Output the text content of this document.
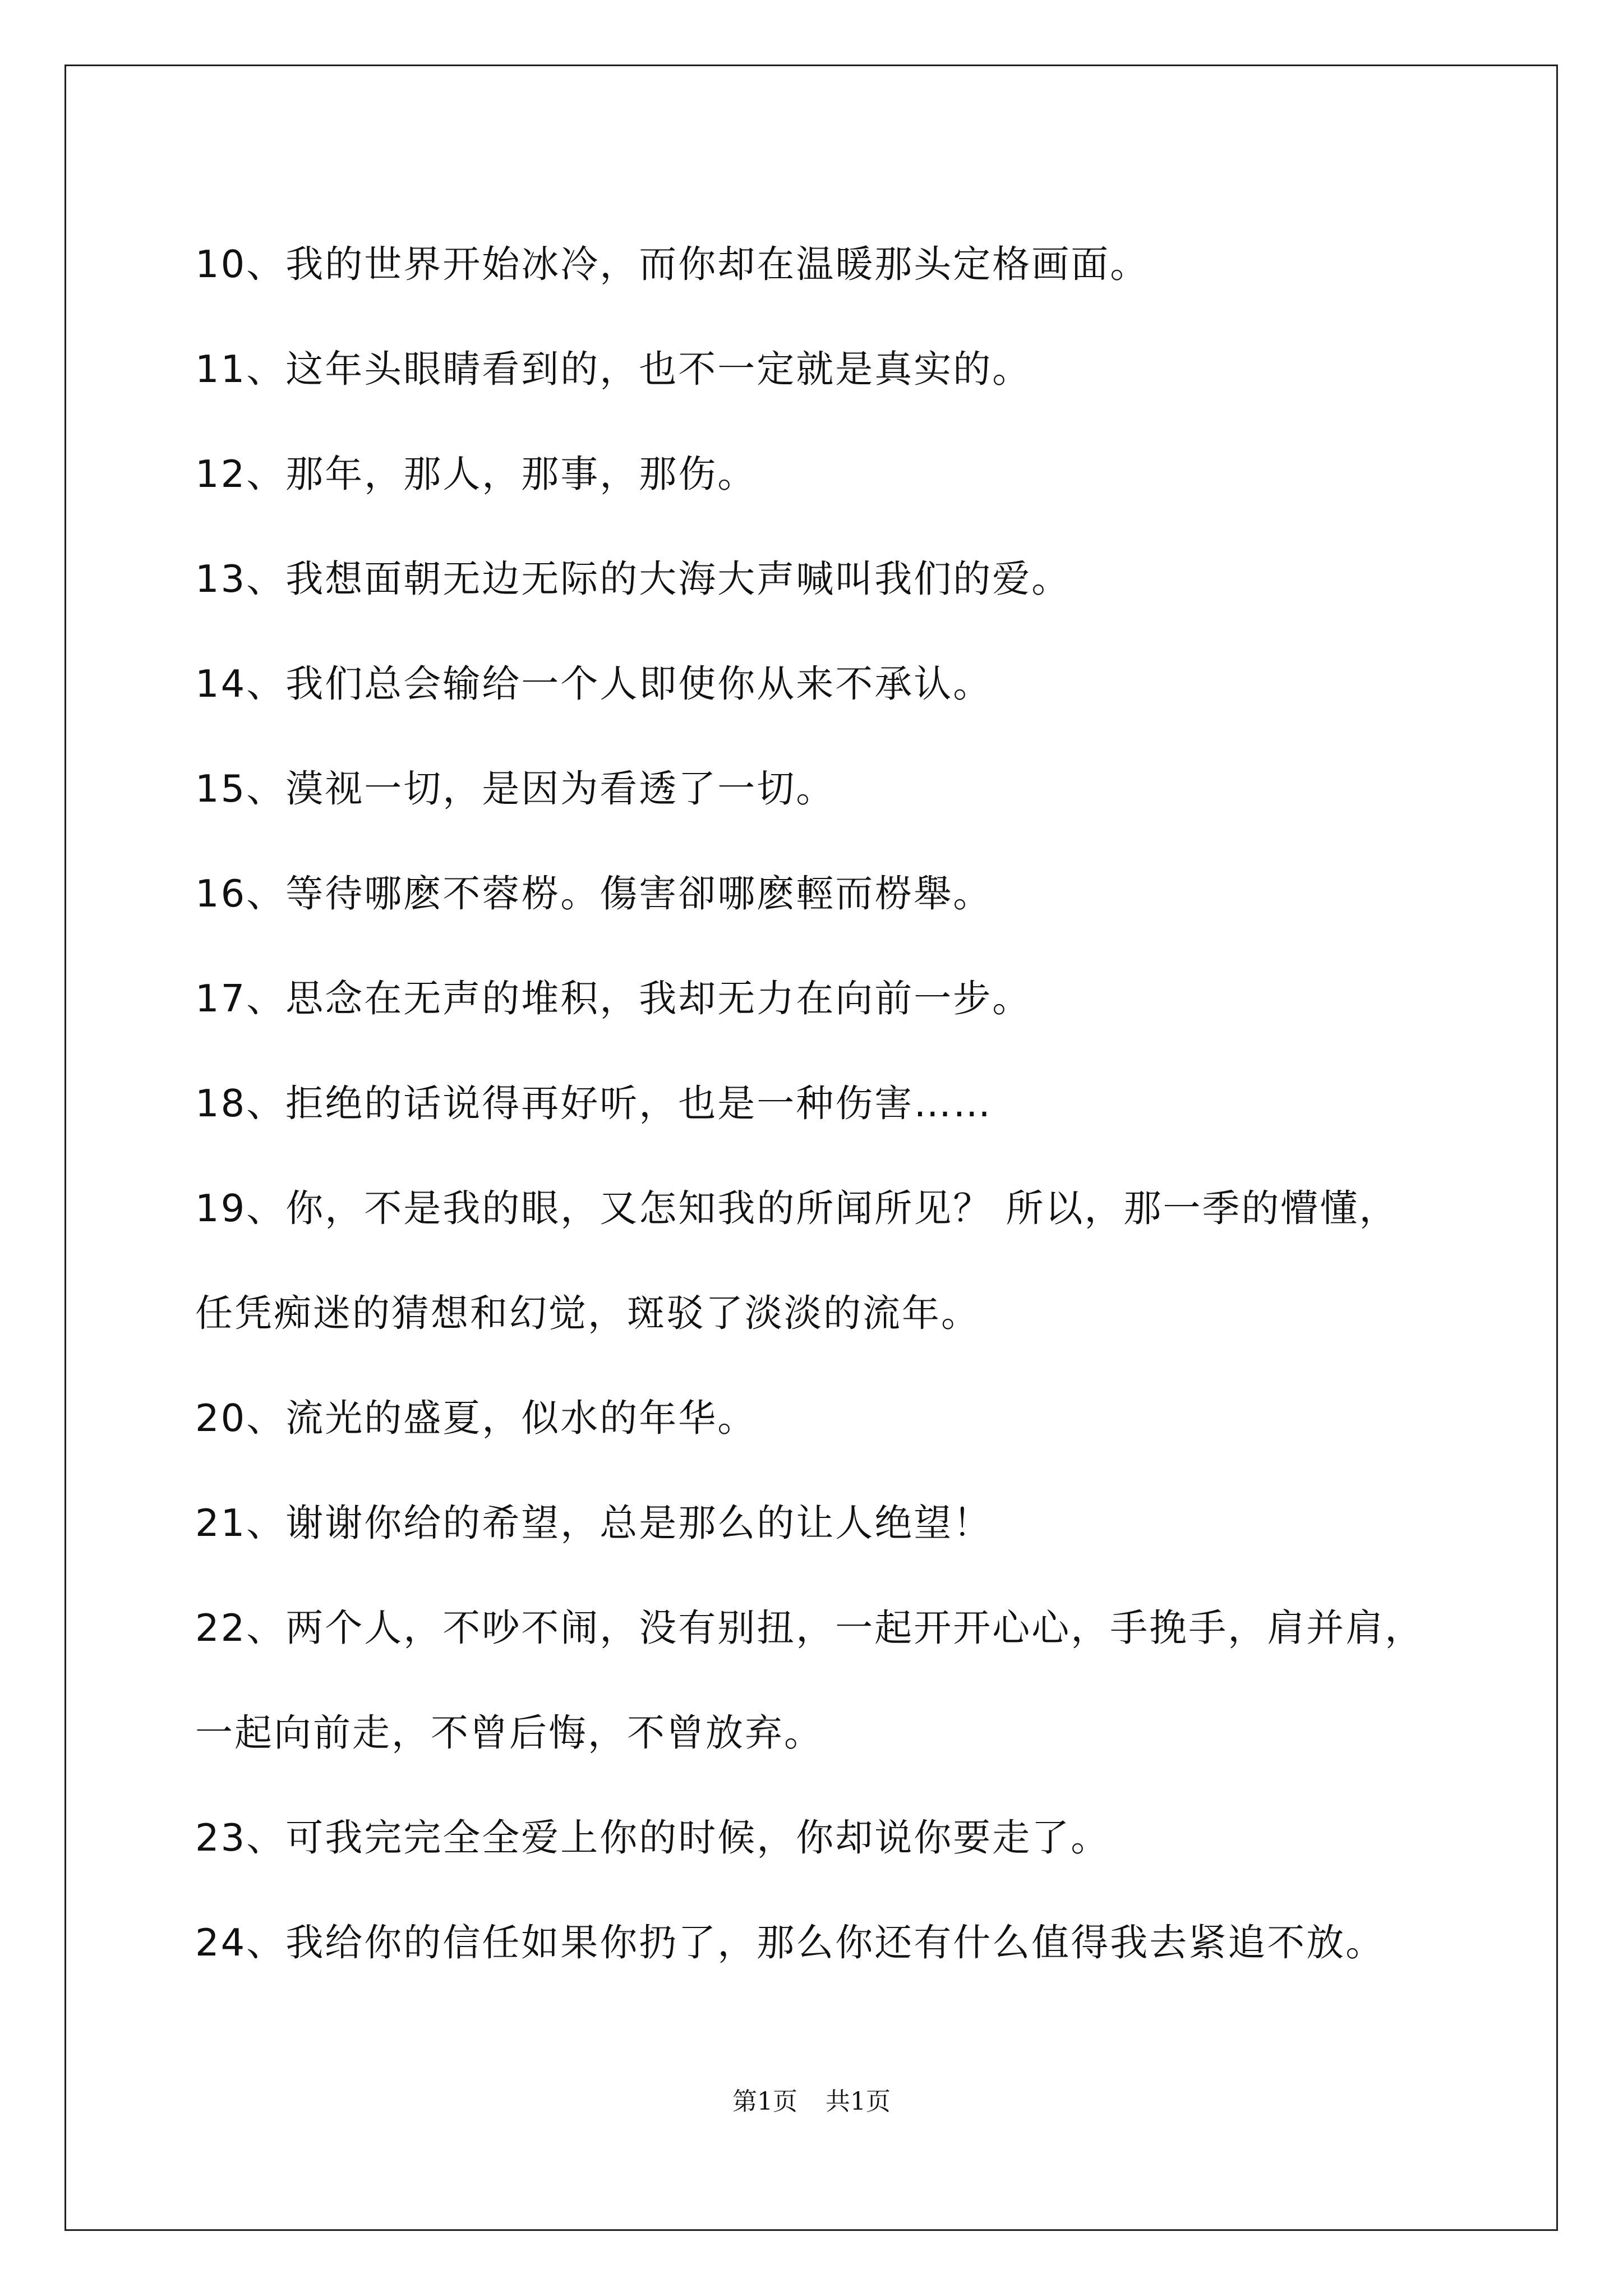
10、我的世界开始冰冷，而你却在温暖那头定格画面。

11、这年头眼睛看到的，也不一定就是真实的。

12、那年，那人，那事，那伤。

13、我想面朝无边无际的大海大声喊叫我们的爱。

14、我们总会输给一个人即使你从来不承认。

15、漠视一切，是因为看透了一切。

16、等待哪麽不蓉梤。傷害卻哪麽輕而梤舉。

17、思念在无声的堆积，我却无力在向前一步。

18、拒绝的话说得再好听，也是一种伤害……

19、你，不是我的眼，又怎知我的所闻所见？ 所以，那一季的懵懂，

任凭痴迷的猜想和幻觉，斑驳了淡淡的流年。

20、流光的盛夏，似水的年华。

21、谢谢你给的希望，总是那么的让人绝望！

22、两个人，不吵不闹，没有别扭，一起开开心心，手挽手，肩并肩，

一起向前走，不曾后悔，不曾放弃。

23、可我完完全全爱上你的时候，你却说你要走了。

24、我给你的信任如果你扔了，那么你还有什么值得我去紧追不放。

第1页 共1页
